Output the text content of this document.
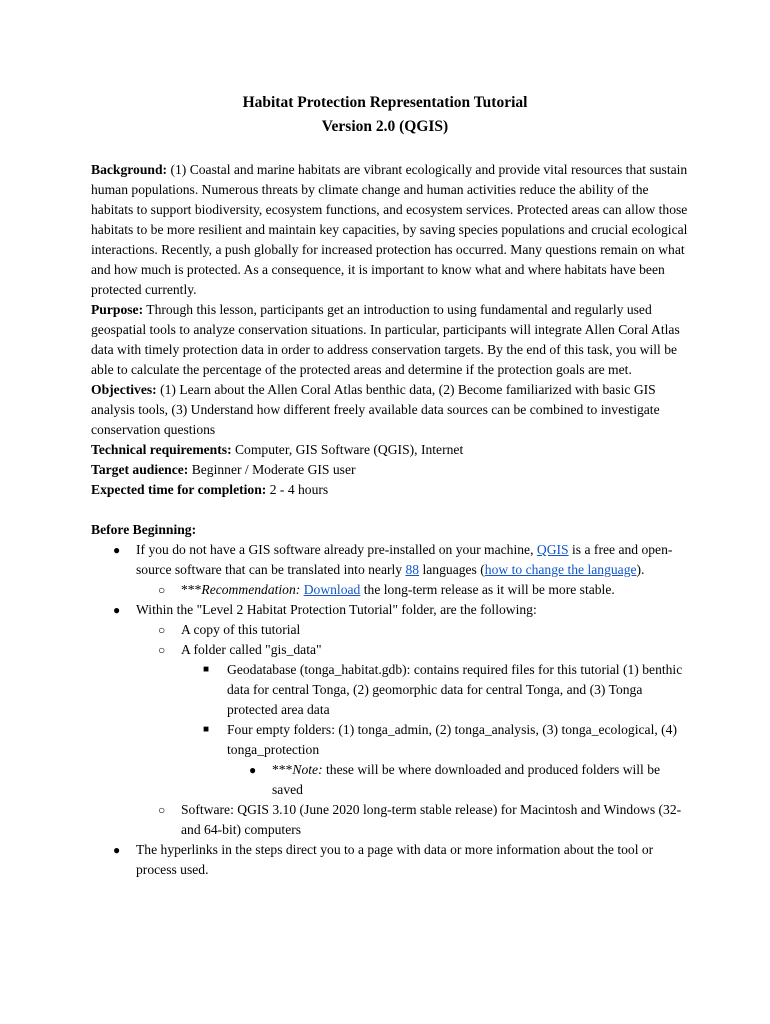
Habitat Protection Representation Tutorial
Version 2.0 (QGIS)

Background: (1) Coastal and marine habitats are vibrant ecologically and provide vital resources that sustain human populations. Numerous threats by climate change and human activities reduce the ability of the habitats to support biodiversity, ecosystem functions, and ecosystem services. Protected areas can allow those habitats to be more resilient and maintain key capacities, by saving species populations and crucial ecological interactions. Recently, a push globally for increased protection has occurred. Many questions remain on what and how much is protected. As a consequence, it is important to know what and where habitats have been protected currently.

Purpose: Through this lesson, participants get an introduction to using fundamental and regularly used geospatial tools to analyze conservation situations. In particular, participants will integrate Allen Coral Atlas data with timely protection data in order to address conservation targets. By the end of this task, you will be able to calculate the percentage of the protected areas and determine if the protection goals are met.

Objectives: (1) Learn about the Allen Coral Atlas benthic data, (2) Become familiarized with basic GIS analysis tools, (3) Understand how different freely available data sources can be combined to investigate conservation questions

Technical requirements: Computer, GIS Software (QGIS), Internet

Target audience: Beginner / Moderate GIS user

Expected time for completion: 2 - 4 hours

Before Beginning:

● If you do not have a GIS software already pre-installed on your machine, QGIS is a free and open-source software that can be translated into nearly 88 languages (how to change the language).
○ ***Recommendation: Download the long-term release as it will be more stable.
● Within the "Level 2 Habitat Protection Tutorial" folder, are the following:
○ A copy of this tutorial
○ A folder called "gis_data"
■ Geodatabase (tonga_habitat.gdb): contains required files for this tutorial (1) benthic data for central Tonga, (2) geomorphic data for central Tonga, and (3) Tonga protected area data
■ Four empty folders: (1) tonga_admin, (2) tonga_analysis, (3) tonga_ecological, (4) tonga_protection
● ***Note: these will be where downloaded and produced folders will be saved
○ Software: QGIS 3.10 (June 2020 long-term stable release) for Macintosh and Windows (32- and 64-bit) computers
● The hyperlinks in the steps direct you to a page with data or more information about the tool or process used.
